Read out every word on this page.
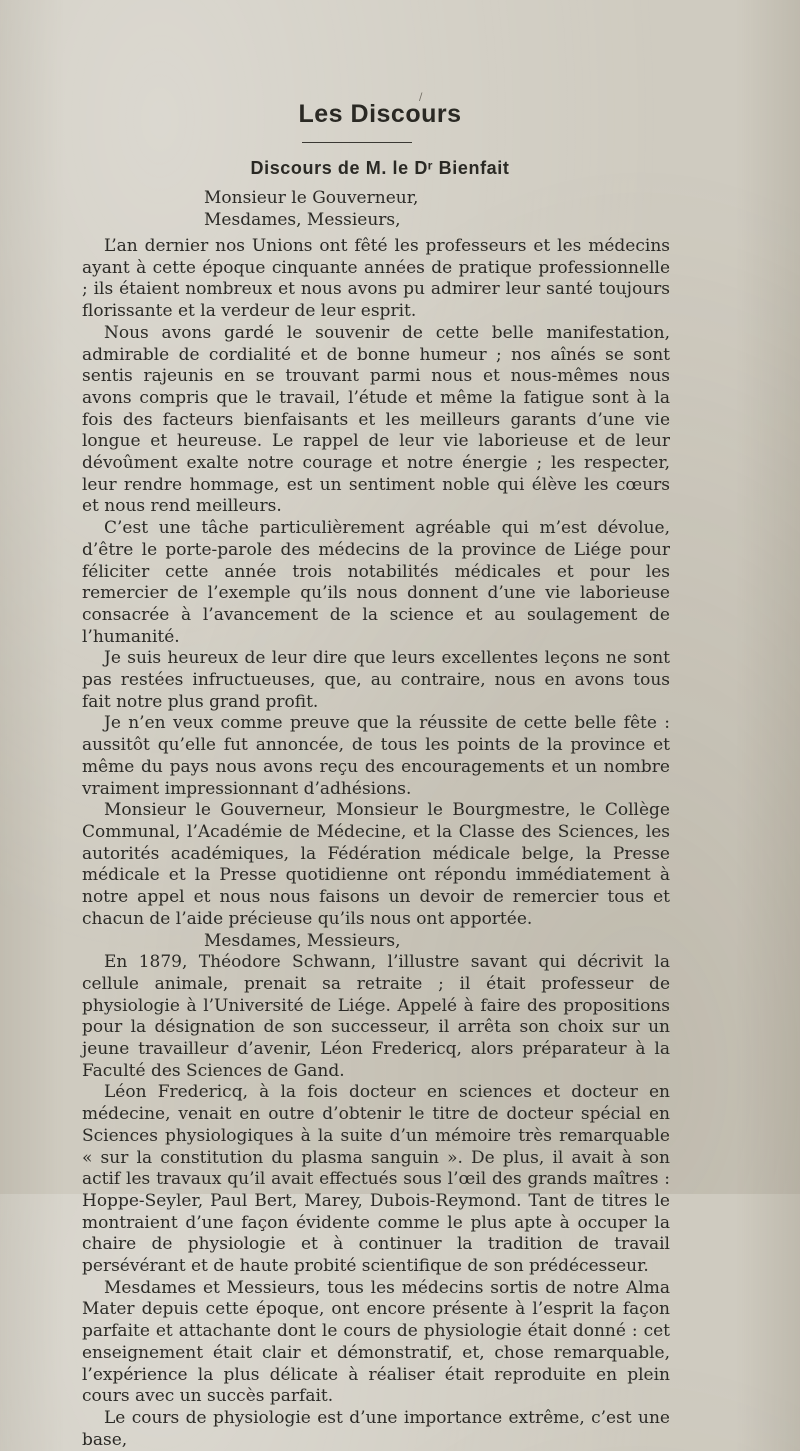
/
Les Discours
Discours de M. le Dʳ Bienfait
Monsieur le Gouverneur,
Mesdames, Messieurs,

L’an dernier nos Unions ont fêté les professeurs et les médecins ayant à cette époque cinquante années de pratique professionnelle ; ils étaient nombreux et nous avons pu admirer leur santé toujours florissante et la verdeur de leur esprit.

Nous avons gardé le souvenir de cette belle manifestation, admirable de cordialité et de bonne humeur ; nos aînés se sont sentis rajeunis en se trouvant parmi nous et nous-mêmes nous avons compris que le travail, l’étude et même la fatigue sont à la fois des facteurs bienfaisants et les meilleurs garants d’une vie longue et heureuse. Le rappel de leur vie laborieuse et de leur dévoûment exalte notre courage et notre énergie ; les respecter, leur rendre hommage, est un sentiment noble qui élève les cœurs et nous rend meilleurs.

C’est une tâche particulièrement agréable qui m’est dévolue, d’être le porte-parole des médecins de la province de Liége pour féliciter cette année trois notabilités médicales et pour les remercier de l’exemple qu’ils nous donnent d’une vie laborieuse consacrée à l’avancement de la science et au soulagement de l’humanité.

Je suis heureux de leur dire que leurs excellentes leçons ne sont pas restées infructueuses, que, au contraire, nous en avons tous fait notre plus grand profit.

Je n’en veux comme preuve que la réussite de cette belle fête : aussitôt qu’elle fut annoncée, de tous les points de la province et même du pays nous avons reçu des encouragements et un nombre vraiment impressionnant d’adhésions.

Monsieur le Gouverneur, Monsieur le Bourgmestre, le Collège Communal, l’Académie de Médecine, et la Classe des Sciences, les autorités académiques, la Fédération médicale belge, la Presse médicale et la Presse quotidienne ont répondu immédiatement à notre appel et nous nous faisons un devoir de remercier tous et chacun de l’aide précieuse qu’ils nous ont apportée.

Mesdames, Messieurs,

En 1879, Théodore Schwann, l’illustre savant qui décrivit la cellule animale, prenait sa retraite ; il était professeur de physiologie à l’Université de Liége. Appelé à faire des propositions pour la désignation de son successeur, il arrêta son choix sur un jeune travailleur d’avenir, Léon Fredericq, alors préparateur à la Faculté des Sciences de Gand.

Léon Fredericq, à la fois docteur en sciences et docteur en médecine, venait en outre d’obtenir le titre de docteur spécial en Sciences physiologiques à la suite d’un mémoire très remarquable « sur la constitution du plasma sanguin ». De plus, il avait à son actif les travaux qu’il avait effectués sous l’œil des grands maîtres : Hoppe-Seyler, Paul Bert, Marey, Dubois-Reymond. Tant de titres le montraient d’une façon évidente comme le plus apte à occuper la chaire de physiologie et à continuer la tradition de travail persévérant et de haute probité scientifique de son prédécesseur.

Mesdames et Messieurs, tous les médecins sortis de notre Alma Mater depuis cette époque, ont encore présente à l’esprit la façon parfaite et attachante dont le cours de physiologie était donné : cet enseignement était clair et démonstratif, et, chose remarquable, l’expérience la plus délicate à réaliser était reproduite en plein cours avec un succès parfait.

Le cours de physiologie est d’une importance extrême, c’est une base,
